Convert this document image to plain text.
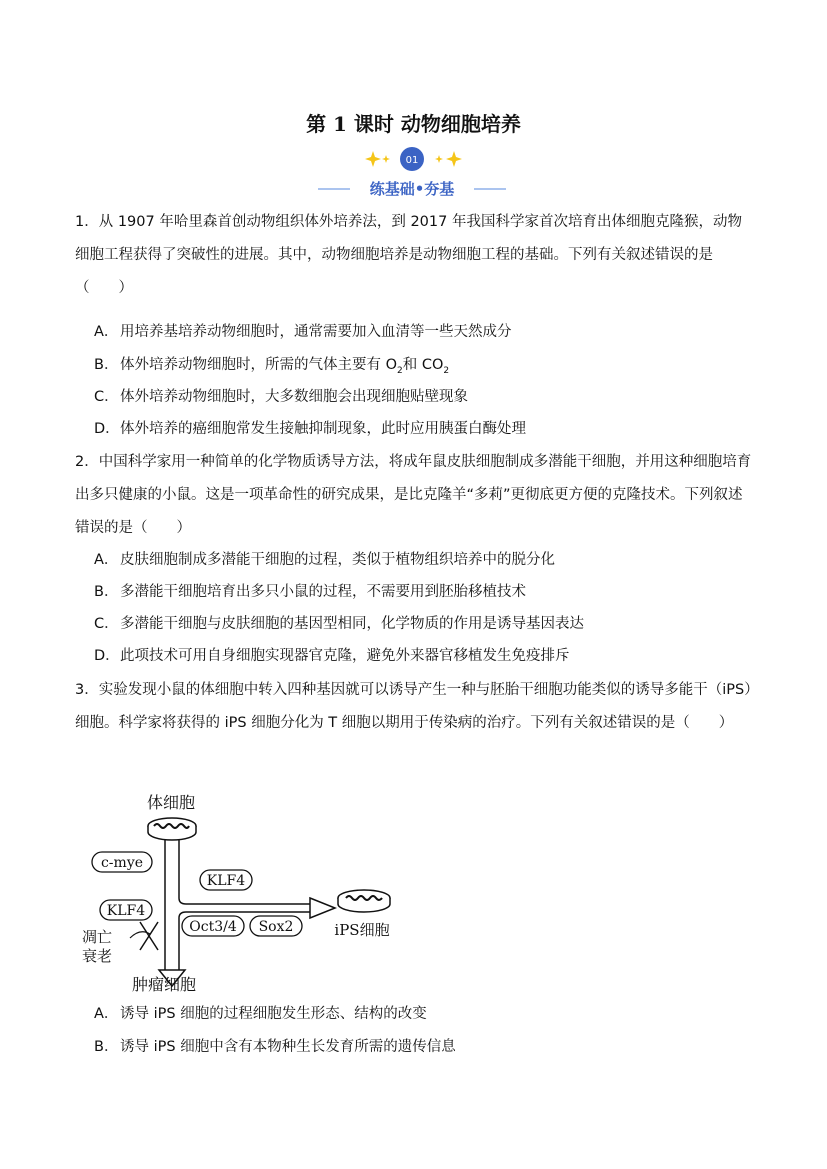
第 1 课时 动物细胞培养
01
练基础•夯基

1．从 1907 年哈里森首创动物组织体外培养法，到 2017 年我国科学家首次培育出体细胞克隆猴，动物细胞工程获得了突破性的进展。其中，动物细胞培养是动物细胞工程的基础。下列有关叙述错误的是（　　）

A． 用培养基培养动物细胞时，通常需要加入血清等一些天然成分
B． 体外培养动物细胞时，所需的气体主要有 $O_2$和 $CO_2$
C．体外培养动物细胞时，大多数细胞会出现细胞贴壁现象
D．体外培养的癌细胞常发生接触抑制现象，此时应用胰蛋白酶处理

2．中国科学家用一种简单的化学物质诱导方法，将成年鼠皮肤细胞制成多潜能干细胞，并用这种细胞培育出多只健康的小鼠。这是一项革命性的研究成果，是比克隆羊“多莉”更彻底更方便的克隆技术。下列叙述错误的是（　　）

A． 皮肤细胞制成多潜能干细胞的过程，类似于植物组织培养中的脱分化
B． 多潜能干细胞培育出多只小鼠的过程，不需要用到胚胎移植技术
C．多潜能干细胞与皮肤细胞的基因型相同，化学物质的作用是诱导基因表达
D．此项技术可用自身细胞实现器官克隆，避免外来器官移植发生免疫排斥

3．实验发现小鼠的体细胞中转入四种基因就可以诱导产生一种与胚胎干细胞功能类似的诱导多能干（iPS）细胞。科学家将获得的 iPS 细胞分化为 T 细胞以期用于传染病的治疗。下列有关叙述错误的是（　　）

体细胞
c-mye
KLF4
KLF4
Oct3/4 Sox2	iPS细胞
凋亡
衰老
肿瘤细胞
A． 诱导 iPS 细胞的过程细胞发生形态、结构的改变
B． 诱导 iPS 细胞中含有本物种生长发育所需的遗传信息
